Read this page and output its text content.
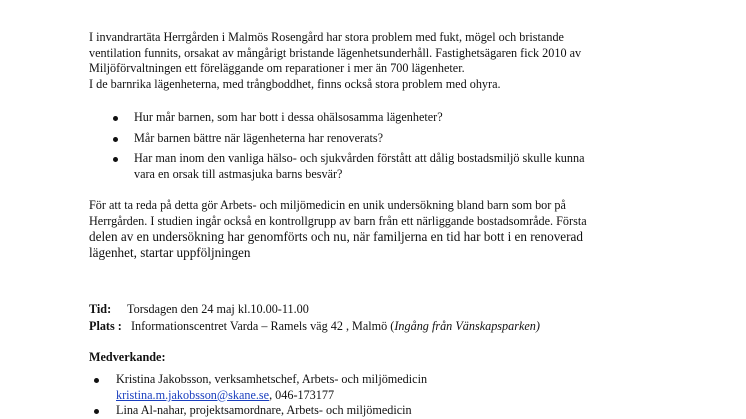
I invandrartäta Herrgården i Malmös Rosengård har stora problem med fukt, mögel och bristande
ventilation funnits, orsakat av mångårigt bristande lägenhetsunderhåll. Fastighetsägaren fick 2010 av
Miljöförvaltningen ett föreläggande om reparationer i mer än 700 lägenheter.
I de barnrika lägenheterna, med trångboddhet, finns också stora problem med ohyra.

Hur mår barnen, som har bott i dessa ohälsosamma lägenheter?
Mår barnen bättre när lägenheterna har renoverats?
Har man inom den vanliga hälso- och sjukvården förstått att dålig bostadsmiljö skulle kunna
vara en orsak till astmasjuka barns besvär?

För att ta reda på detta gör Arbets- och miljömedicin en unik undersökning bland barn som bor på
Herrgården. I studien ingår också en kontrollgrupp av barn från ett närliggande bostadsområde. Första
delen av en undersökning har genomförts och nu, när familjerna en tid har bott i en renoverad
lägenhet, startar uppföljningen

Tid: Torsdagen den 24 maj kl.10.00-11.00
Plats : Informationscentret Varda – Ramels väg 42 , Malmö (Ingång från Vänskapsparken)

Medverkande:

Kristina Jakobsson, verksamhetschef, Arbets- och miljömedicin
kristina.m.jakobsson@skane.se, 046-173177
Lina Al-nahar, projektsamordnare, Arbets- och miljömedicin
